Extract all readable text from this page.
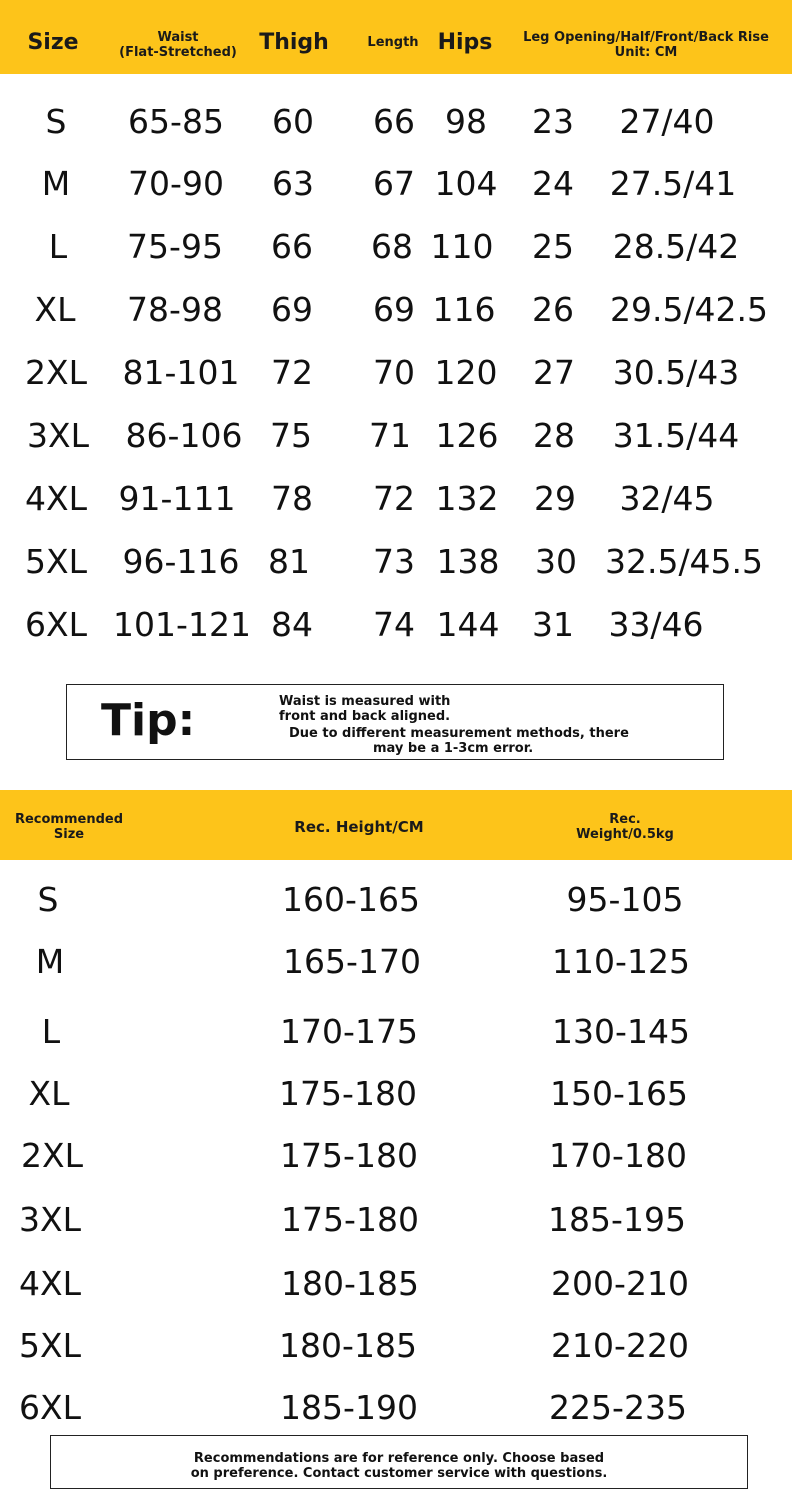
Size	Waist
(Flat-Stretched) Thigh	Length Hips Leg Opening/Half/Front/Back Rise
Unit: CM
S 65-85 60 66 98 23 27/40
M 70-90 63 67 104 24 27.5/41
L 75-95 66 68 110 25 28.5/42
XL 78-98 69 69 116 26 29.5/42.5
2XL 81-101 72 70 120 27 30.5/43
3XL 86-106 75 71 126 28 31.5/44
4XL 91-111 78 72 132 29 32/45
5XL 96-116 81 73 138 30 32.5/45.5
6XL 101-121 84 74 144 31 33/46
Tip:	Waist is measured with
front and back aligned.
Due to different measurement methods, there
may be a 1-3cm error.
Recommended
Size	Rec. Height/CM	Rec.
Weight/0.5kg
S	160-165	95-105
M	165-170	110-125
L	170-175	130-145
XL	175-180	150-165
2XL	175-180	170-180
3XL	175-180	185-195
4XL	180-185	200-210
5XL	180-185	210-220
6XL	185-190	225-235
Recommendations are for reference only. Choose based
on preference. Contact customer service with questions.
